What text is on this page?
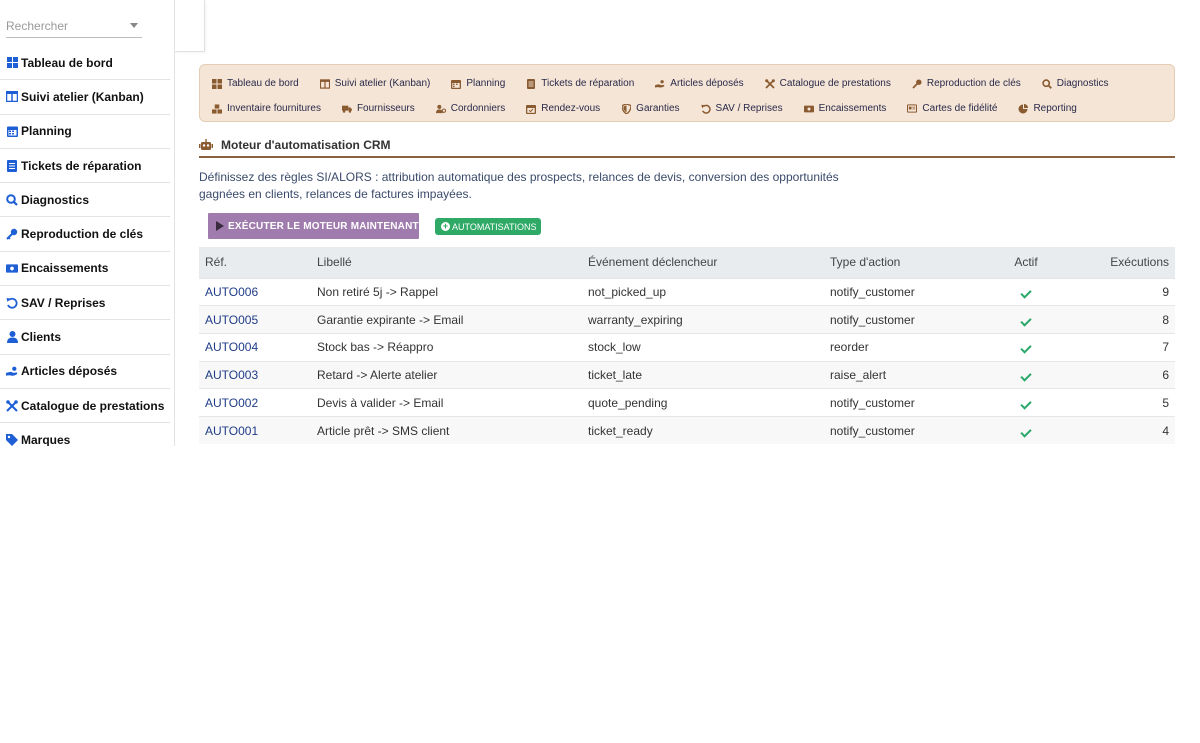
Rechercher
Tableau de bord
Suivi atelier (Kanban)
Planning
Tickets de réparation
Diagnostics
Reproduction de clés
Encaissements
SAV / Reprises
Clients
Articles déposés
Catalogue de prestations
Marques
Tableau de bord	Suivi atelier (Kanban)	Planning	Tickets de réparation	Articles déposés	Catalogue de prestations	Reproduction de clés	Diagnostics
Inventaire fournitures	Fournisseurs	Cordonniers	Rendez-vous	Garanties	SAV / Reprises	Encaissements	Cartes de fidélité	Reporting
Moteur d'automatisation CRM
Définissez des règles SI/ALORS : attribution automatique des prospects, relances de devis, conversion des opportunités gagnées en clients, relances de factures impayées.
EXÉCUTER LE MOTEUR MAINTENANT	+ AUTOMATISATIONS
Réf.	Libellé	Événement déclencheur	Type d'action	Actif	Exécutions
AUTO006	Non retiré 5j -> Rappel	not_picked_up	notify_customer		9
AUTO005	Garantie expirante -> Email	warranty_expiring	notify_customer		8
AUTO004	Stock bas -> Réappro	stock_low	reorder		7
AUTO003	Retard -> Alerte atelier	ticket_late	raise_alert		6
AUTO002	Devis à valider -> Email	quote_pending	notify_customer		5
AUTO001	Article prêt -> SMS client	ticket_ready	notify_customer		4
